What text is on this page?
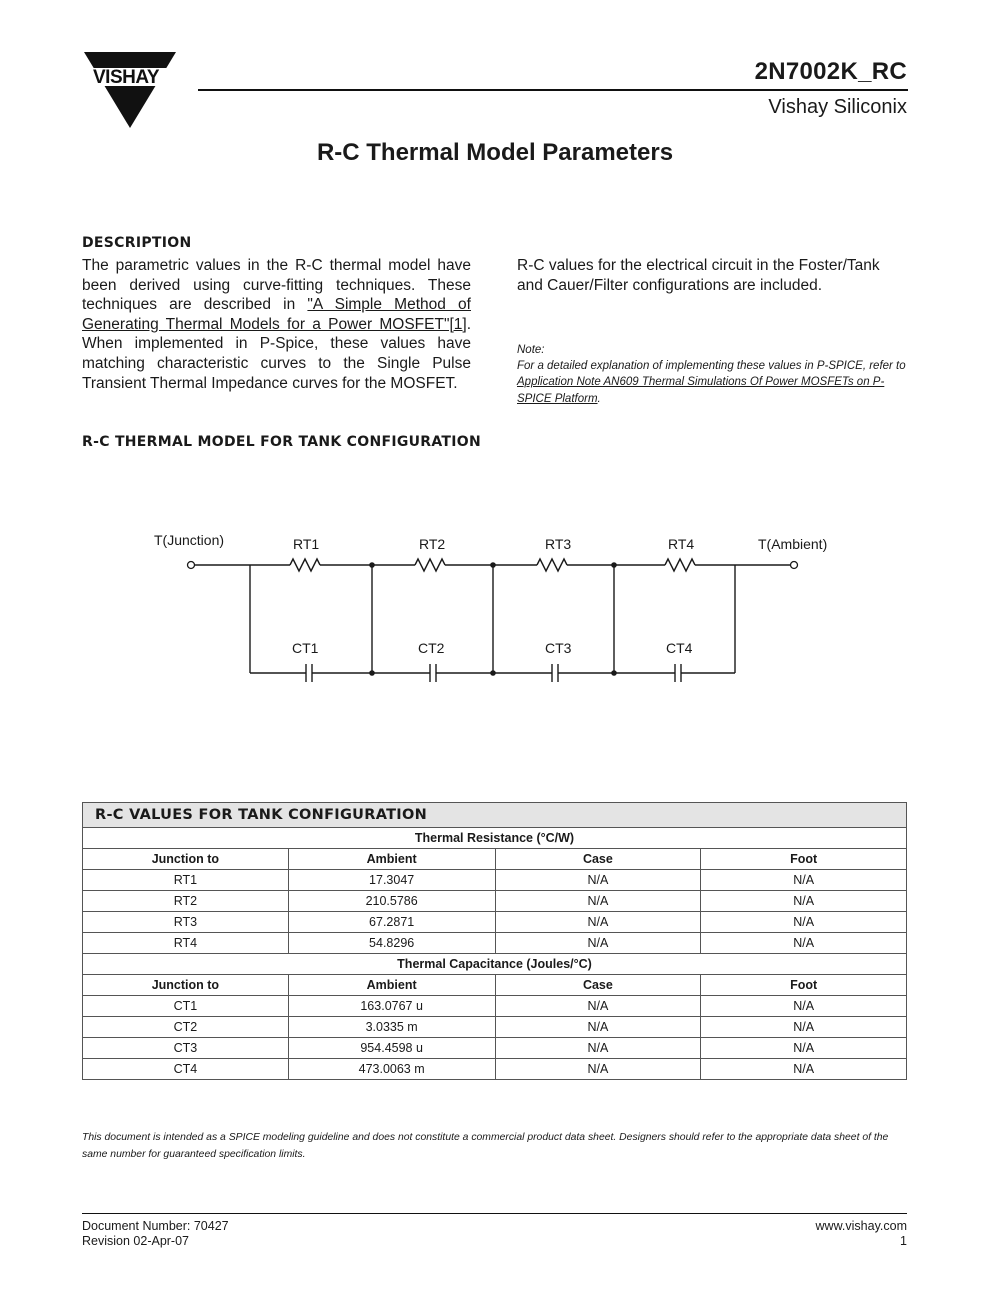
VISHAY	2N7002K_RC
Vishay Siliconix
R-C Thermal Model Parameters
DESCRIPTION
The parametric values in the R-C thermal model have been derived using curve-fitting techniques. These techniques are described in "A Simple Method of Generating Thermal Models for a Power MOSFET"[1]. When implemented in P-Spice, these values have matching characteristic curves to the Single Pulse Transient Thermal Impedance curves for the MOSFET.
R-C values for the electrical circuit in the Foster/Tank and Cauer/Filter configurations are included.
Note:
For a detailed explanation of implementing these values in P-SPICE, refer to Application Note AN609 Thermal Simulations Of Power MOSFETs on P-SPICE Platform.
R-C THERMAL MODEL FOR TANK CONFIGURATION
T(Junction)	T(Ambient)
RT1	RT2	RT3	RT4
CT1	CT2	CT3	CT4
R-C VALUES FOR TANK CONFIGURATION			
Thermal Resistance (°C/W)			
Junction to	Ambient	Case	Foot
RT1	17.3047	N/A	N/A
RT2	210.5786	N/A	N/A
RT3	67.2871	N/A	N/A
RT4	54.8296	N/A	N/A
Thermal Capacitance (Joules/°C)			
Junction to	Ambient	Case	Foot
CT1	163.0767 u	N/A	N/A
CT2	3.0335 m	N/A	N/A
CT3	954.4598 u	N/A	N/A
CT4	473.0063 m	N/A	N/A
This document is intended as a SPICE modeling guideline and does not constitute a commercial product data sheet. Designers should refer to the appropriate data sheet of the same number for guaranteed specification limits.
Document Number: 70427
Revision 02-Apr-07
www.vishay.com
1
